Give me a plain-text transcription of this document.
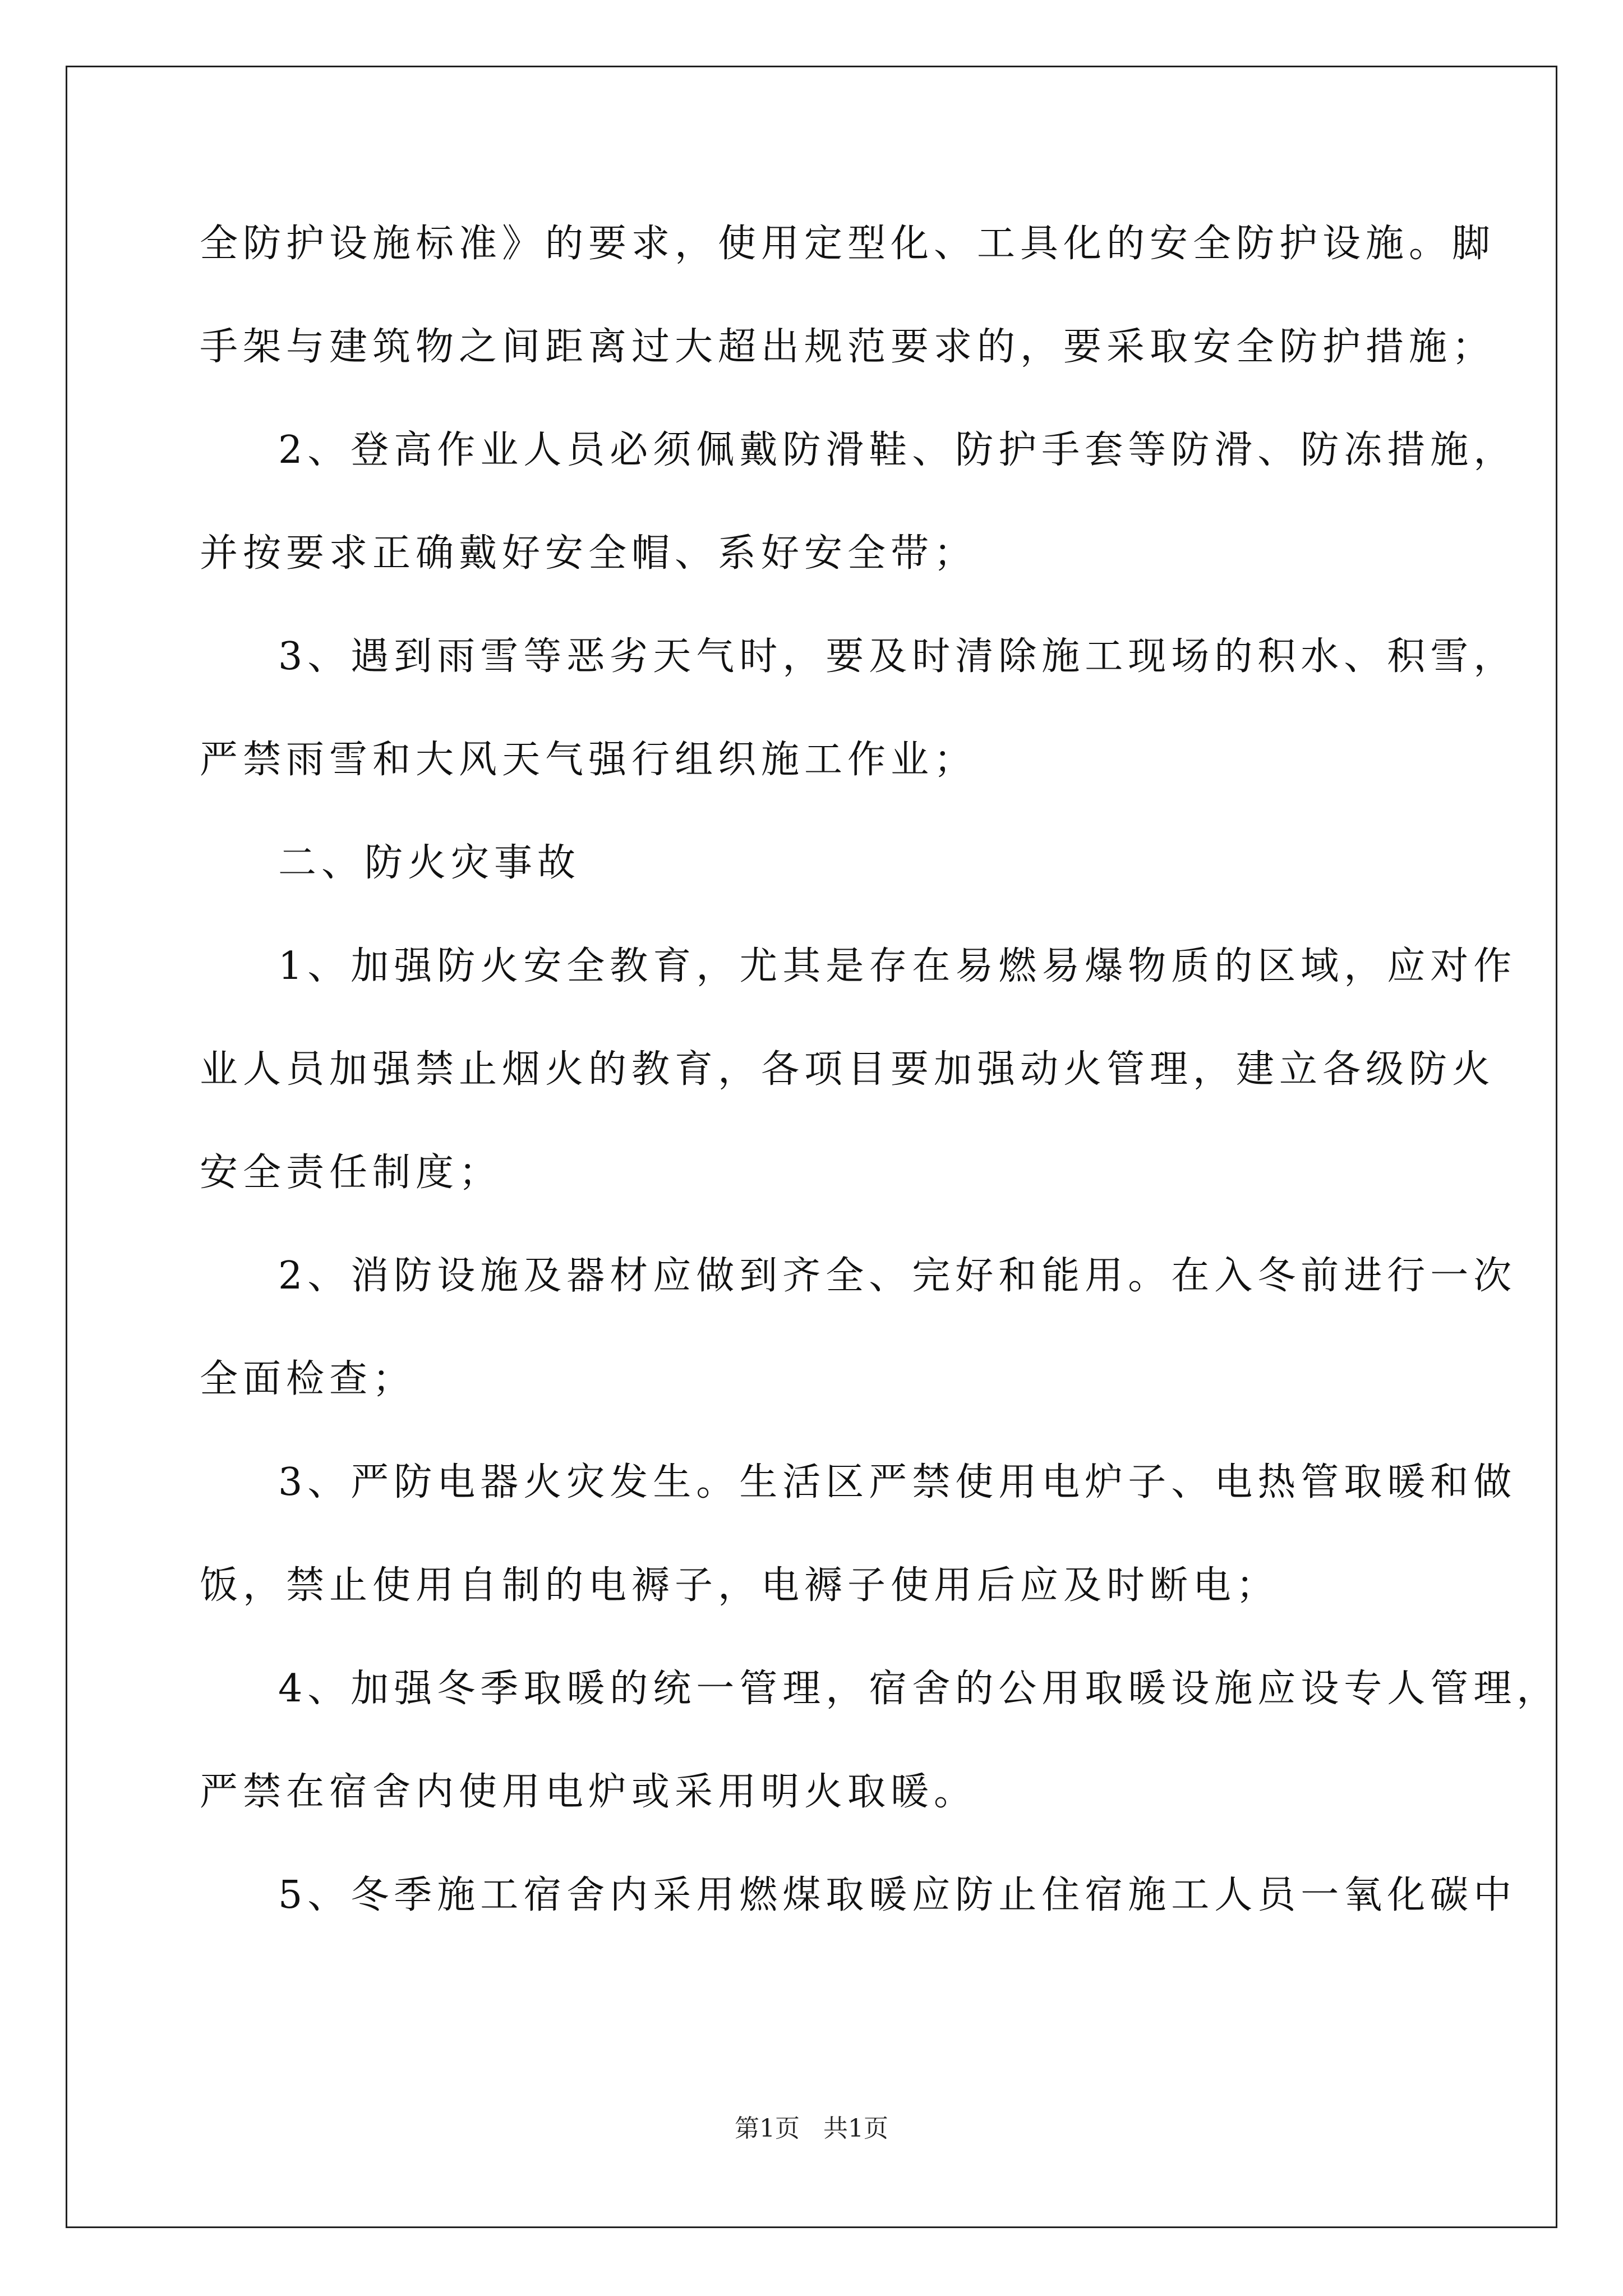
全防护设施标准》的要求，使用定型化、工具化的安全防护设施。脚
手架与建筑物之间距离过大超出规范要求的，要采取安全防护措施；
2、登高作业人员必须佩戴防滑鞋、防护手套等防滑、防冻措施，
并按要求正确戴好安全帽、系好安全带；
3、遇到雨雪等恶劣天气时，要及时清除施工现场的积水、积雪，
严禁雨雪和大风天气强行组织施工作业；
二、防火灾事故
1、加强防火安全教育，尤其是存在易燃易爆物质的区域，应对作
业人员加强禁止烟火的教育，各项目要加强动火管理，建立各级防火
安全责任制度；
2、消防设施及器材应做到齐全、完好和能用。在入冬前进行一次
全面检查；
3、严防电器火灾发生。生活区严禁使用电炉子、电热管取暖和做
饭，禁止使用自制的电褥子，电褥子使用后应及时断电；
4、加强冬季取暖的统一管理，宿舍的公用取暖设施应设专人管理，
严禁在宿舍内使用电炉或采用明火取暖。
5、冬季施工宿舍内采用燃煤取暖应防止住宿施工人员一氧化碳中
第1页 共1页
